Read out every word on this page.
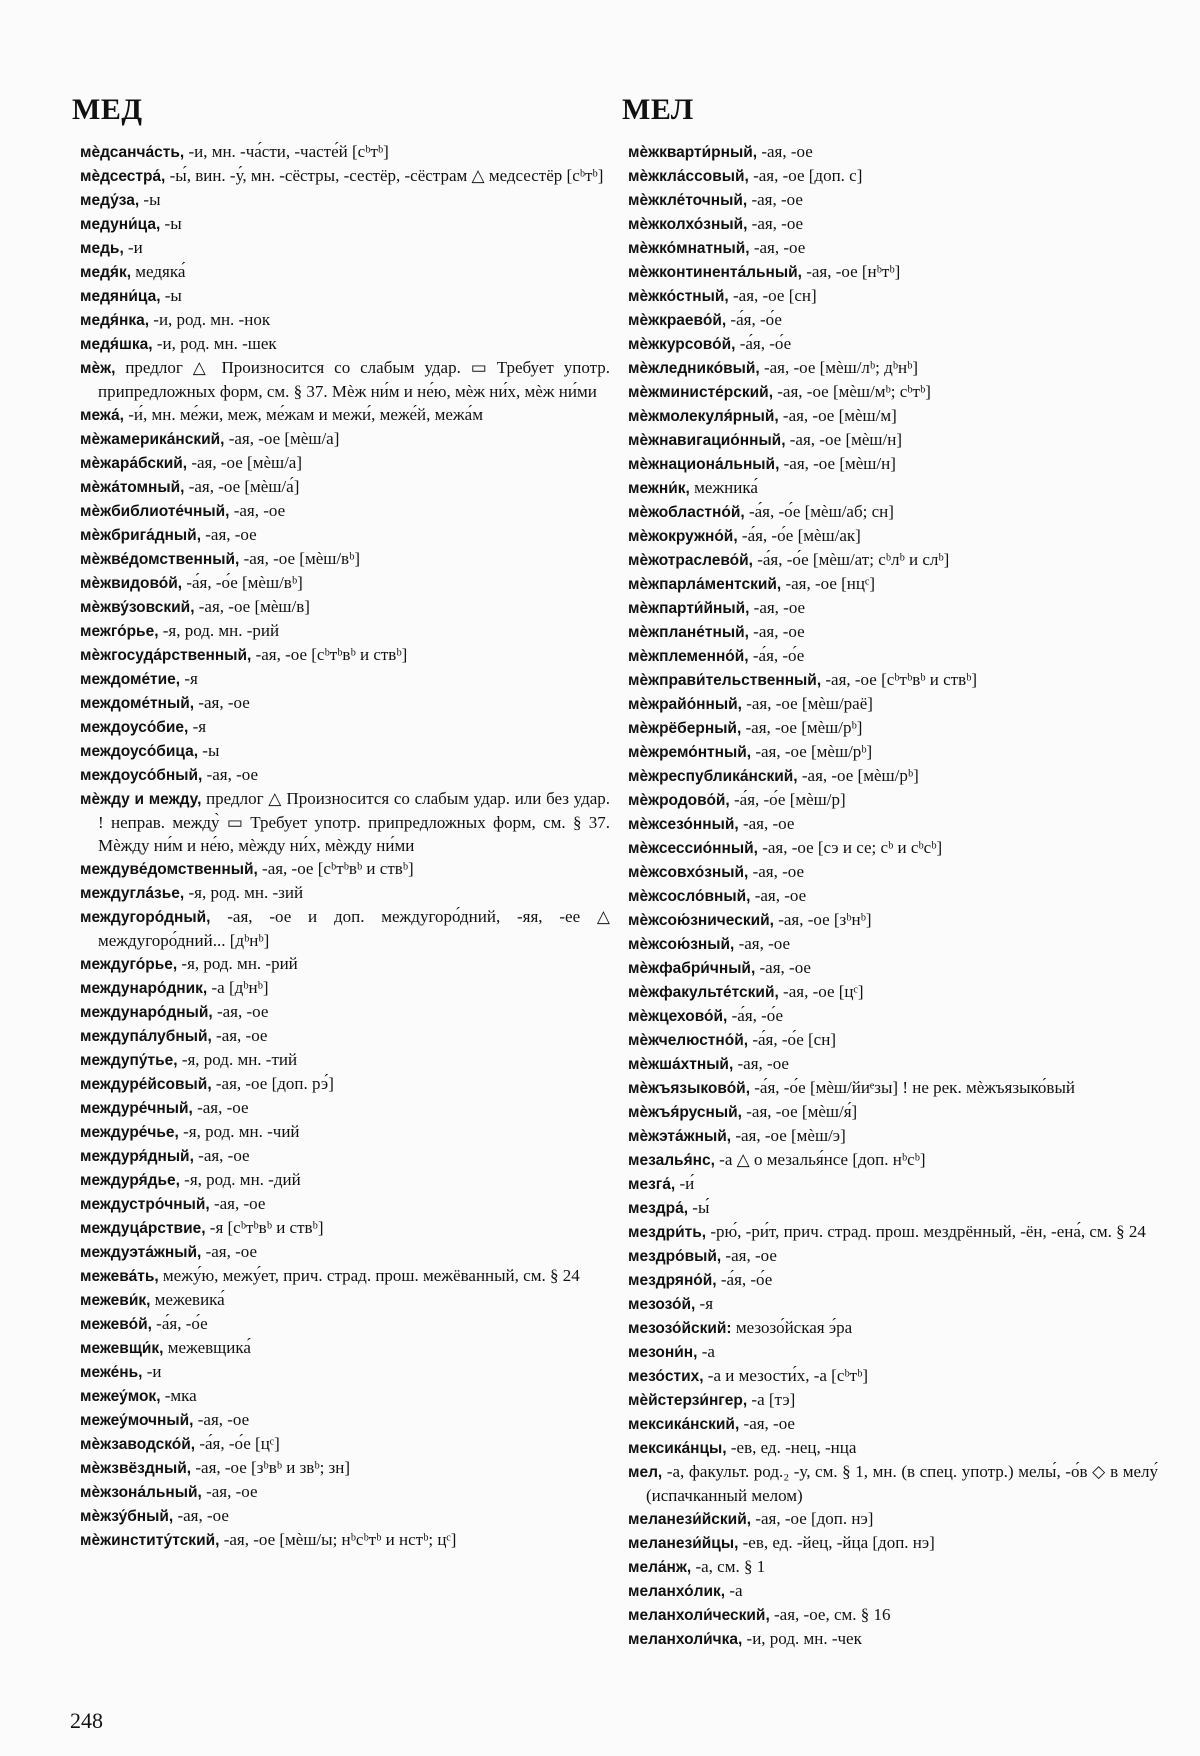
МЕД	МЕЛ

мѐдсанча́сть, -и, мн. -ча́сти, -часте́й [сᵇтᵇ]

мѐдсестра́, -ы́, вин. -у́, мн. -сёстры, -сестёр, -сёстрам △ медсестёр [сᵇтᵇ]

меду́за, -ы

медуни́ца, -ы

медь, -и

медя́к, медяка́

медяни́ца, -ы

медя́нка, -и, род. мн. -нок

медя́шка, -и, род. мн. -шек

мѐж, предлог △ Произносится со слабым удар. ▭ Требует употр. припредложных форм, см. § 37. Мѐж ни́м и не́ю, мѐж ни́х, мѐж ни́ми

межа́, -и́, мн. ме́жи, меж, ме́жам и межи́, меже́й, межа́м

мѐжамерика́нский, -ая, -ое [мѐш/а]

мѐжара́бский, -ая, -ое [мѐш/а]

мѐжа́томный, -ая, -ое [мѐш/а́]

мѐжбиблиоте́чный, -ая, -ое

мѐжбрига́дный, -ая, -ое

мѐжве́домственный, -ая, -ое [мѐш/вᵇ]

мѐжвидово́й, -а́я, -о́е [мѐш/вᵇ]

мѐжву́зовский, -ая, -ое [мѐш/в]

межго́рье, -я, род. мн. -рий

мѐжгосуда́рственный, -ая, -ое [сᵇтᵇвᵇ и ствᵇ]

междоме́тие, -я

междоме́тный, -ая, -ое

междоусо́бие, -я

междоусо́бица, -ы

междоусо́бный, -ая, -ое

мѐжду и между, предлог △ Произносится со слабым удар. или без удар. ! неправ. между̀ ▭ Требует употр. припредложных форм, см. § 37. Мѐжду ни́м и не́ю, мѐжду ни́х, мѐжду ни́ми

междуве́домственный, -ая, -ое [сᵇтᵇвᵇ и ствᵇ]

междуглá́зье, -я, род. мн. -зий

междугоро́дный, -ая, -ое и доп. междугоро́дний, -яя, -ее △ междугоро́дний... [дᵇнᵇ]

междуго́рье, -я, род. мн. -рий

междунаро́дник, -а [дᵇнᵇ]

междунаро́дный, -ая, -ое

междупа́лубный, -ая, -ое

междупу́тье, -я, род. мн. -тий

междуре́йсовый, -ая, -ое [доп. рэ́]

междуре́чный, -ая, -ое

междуре́чье, -я, род. мн. -чий

междуря́дный, -ая, -ое

междуря́дье, -я, род. мн. -дий

междустро́чный, -ая, -ое

междуца́рствие, -я [сᵇтᵇвᵇ и ствᵇ]

междуэта́жный, -ая, -ое

межева́ть, межу́ю, межу́ет, прич. страд. прош. межёванный, см. § 24

межеви́к, межевика́

межево́й, -а́я, -о́е

межевщи́к, межевщика́

меже́нь, -и

межеу́мок, -мка

межеу́мочный, -ая, -ое

мѐжзаводско́й, -а́я, -о́е [цᶜ]

мѐжзвёздный, -ая, -ое [зᵇвᵇ и звᵇ; зн]

мѐжзона́льный, -ая, -ое

мѐжзу́бный, -ая, -ое

мѐжинститу́тский, -ая, -ое [мѐш/ы; нᵇсᵇтᵇ и нстᵇ; цᶜ]

мѐжкварти́рный, -ая, -ое

мѐжкла́ссовый, -ая, -ое [доп. с]

мѐжкле́точный, -ая, -ое

мѐжколхо́зный, -ая, -ое

мѐжко́мнатный, -ая, -ое

мѐжконтинента́льный, -ая, -ое [нᵇтᵇ]

мѐжко́стный, -ая, -ое [сн]

мѐжкраево́й, -а́я, -о́е

мѐжкурсово́й, -а́я, -о́е

мѐжледнико́вый, -ая, -ое [мѐш/лᵇ; дᵇнᵇ]

мѐжминисте́рский, -ая, -ое [мѐш/мᵇ; сᵇтᵇ]

мѐжмолекуля́рный, -ая, -ое [мѐш/м]

мѐжнавигацио́нный, -ая, -ое [мѐш/н]

мѐжнациона́льный, -ая, -ое [мѐш/н]

межни́к, межника́

мѐжобластно́й, -а́я, -о́е [мѐш/аб; сн]

мѐжокружно́й, -а́я, -о́е [мѐш/ак]

мѐжотраслево́й, -а́я, -о́е [мѐш/ат; сᵇлᵇ и слᵇ]

мѐжпарла́ментский, -ая, -ое [нцᶜ]

мѐжпарти́йный, -ая, -ое

мѐжплане́тный, -ая, -ое

мѐжплеменно́й, -а́я, -о́е

мѐжправи́тельственный, -ая, -ое [сᵇтᵇвᵇ и ствᵇ]

мѐжрайо́нный, -ая, -ое [мѐш/раё]

мѐжрёберный, -ая, -ое [мѐш/рᵇ]

мѐжремо́нтный, -ая, -ое [мѐш/рᵇ]

мѐжреспублика́нский, -ая, -ое [мѐш/рᵇ]

мѐжродово́й, -а́я, -о́е [мѐш/р]

мѐжсезо́нный, -ая, -ое

мѐжсессио́нный, -ая, -ое [сэ и се; сᵇ и сᵇсᵇ]

мѐжсовхо́зный, -ая, -ое

мѐжсосло́вный, -ая, -ое

мѐжсою́знический, -ая, -ое [зᵇнᵇ]

мѐжсою́зный, -ая, -ое

мѐжфабри́чный, -ая, -ое

мѐжфакульте́тский, -ая, -ое [цᶜ]

мѐжцехово́й, -а́я, -о́е

мѐжчелюстно́й, -а́я, -о́е [сн]

мѐжша́хтный, -ая, -ое

мѐжъязыково́й, -а́я, -о́е [мѐш/йиᵉзы] ! не рек. мѐжъязыко́вый

мѐжъя́русный, -ая, -ое [мѐш/я́]

мѐжэта́жный, -ая, -ое [мѐш/э]

мезалья́нс, -а △ о мезалья́нсе [доп. нᵇсᵇ]

мезга́, -и́

мездра́, -ы́

мездри́ть, -рю́, -ри́т, прич. страд. прош. мездрённый, -ён, -ена́, см. § 24

мездро́вый, -ая, -ое

мездряно́й, -а́я, -о́е

мезозо́й, -я

мезозо́йский: мезозо́йская э́ра

мезони́н, -а

мезо́стих, -а и мезости́х, -а [сᵇтᵇ]

мѐйстерзи́нгер, -а [тэ]

мексика́нский, -ая, -ое

мексика́нцы, -ев, ед. -нец, -нца

мел, -а, факульт. род.₂ -у, см. § 1, мн. (в спец. употр.) мелы́, -о́в ◇ в мелу́ (испачканный мелом)

меланези́йский, -ая, -ое [доп. нэ]

меланези́йцы, -ев, ед. -йец, -йца [доп. нэ]

мела́нж, -а, см. § 1

меланхо́лик, -а

меланхоли́ческий, -ая, -ое, см. § 16

меланхоли́чка, -и, род. мн. -чек

248
